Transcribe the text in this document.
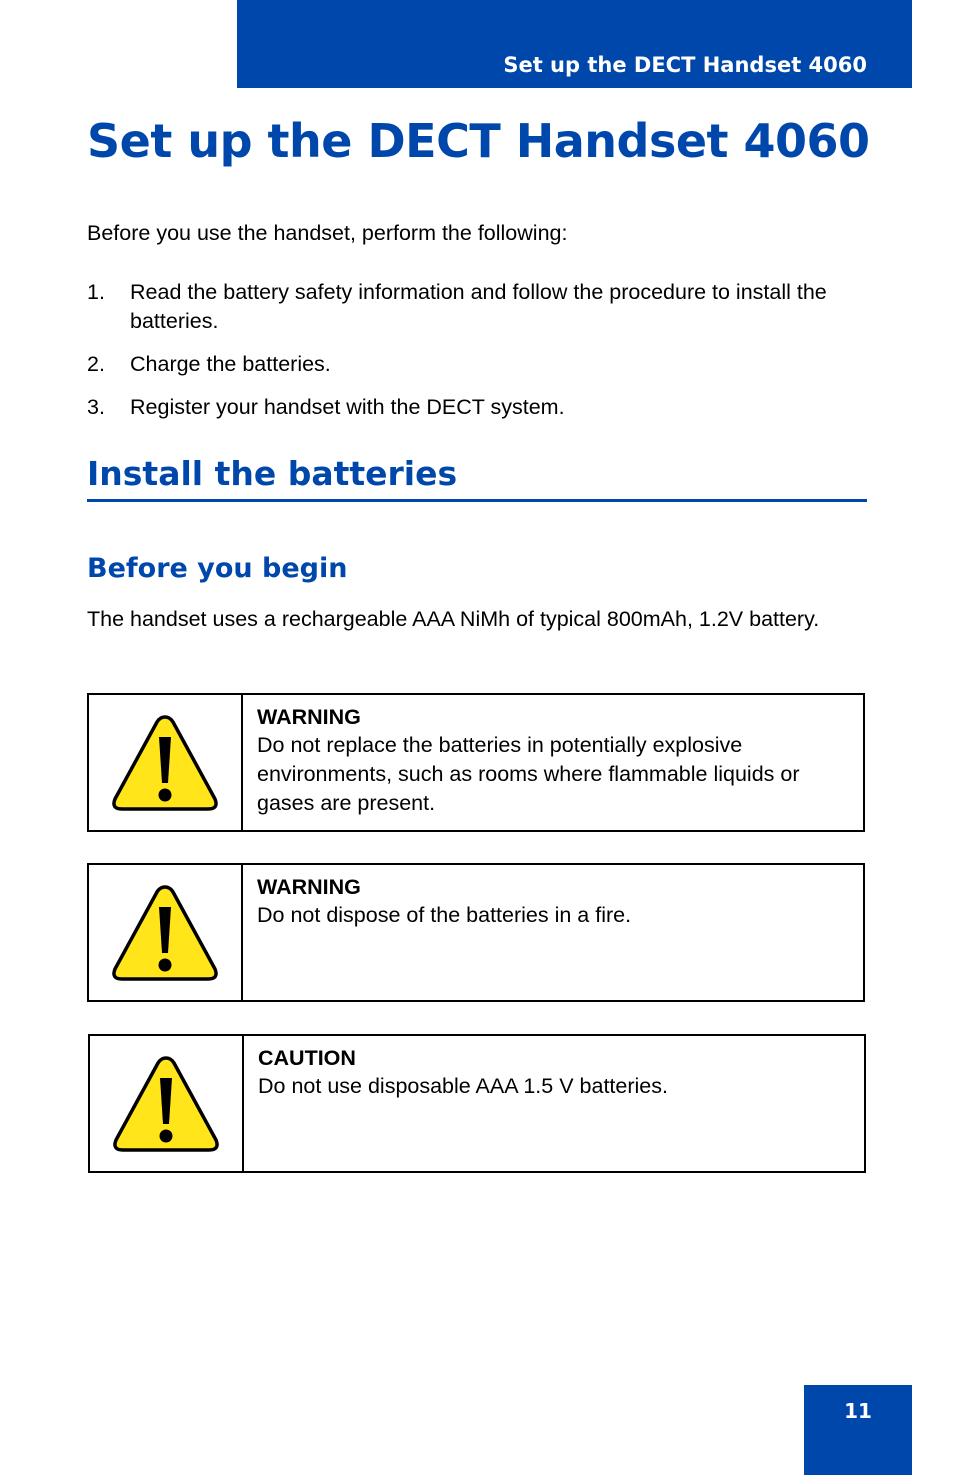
Set up the DECT Handset 4060
Set up the DECT Handset 4060

Before you use the handset, perform the following:

1. Read the battery safety information and follow the procedure to install the batteries.
2. Charge the batteries.
3. Register your handset with the DECT system.
Install the batteries
Before you begin

The handset uses a rechargeable AAA NiMh of typical 800mAh, 1.2V battery.

WARNING
Do not replace the batteries in potentially explosive environments, such as rooms where flammable liquids or gases are present.
WARNING
Do not dispose of the batteries in a fire.
CAUTION
Do not use disposable AAA 1.5 V batteries.
11
